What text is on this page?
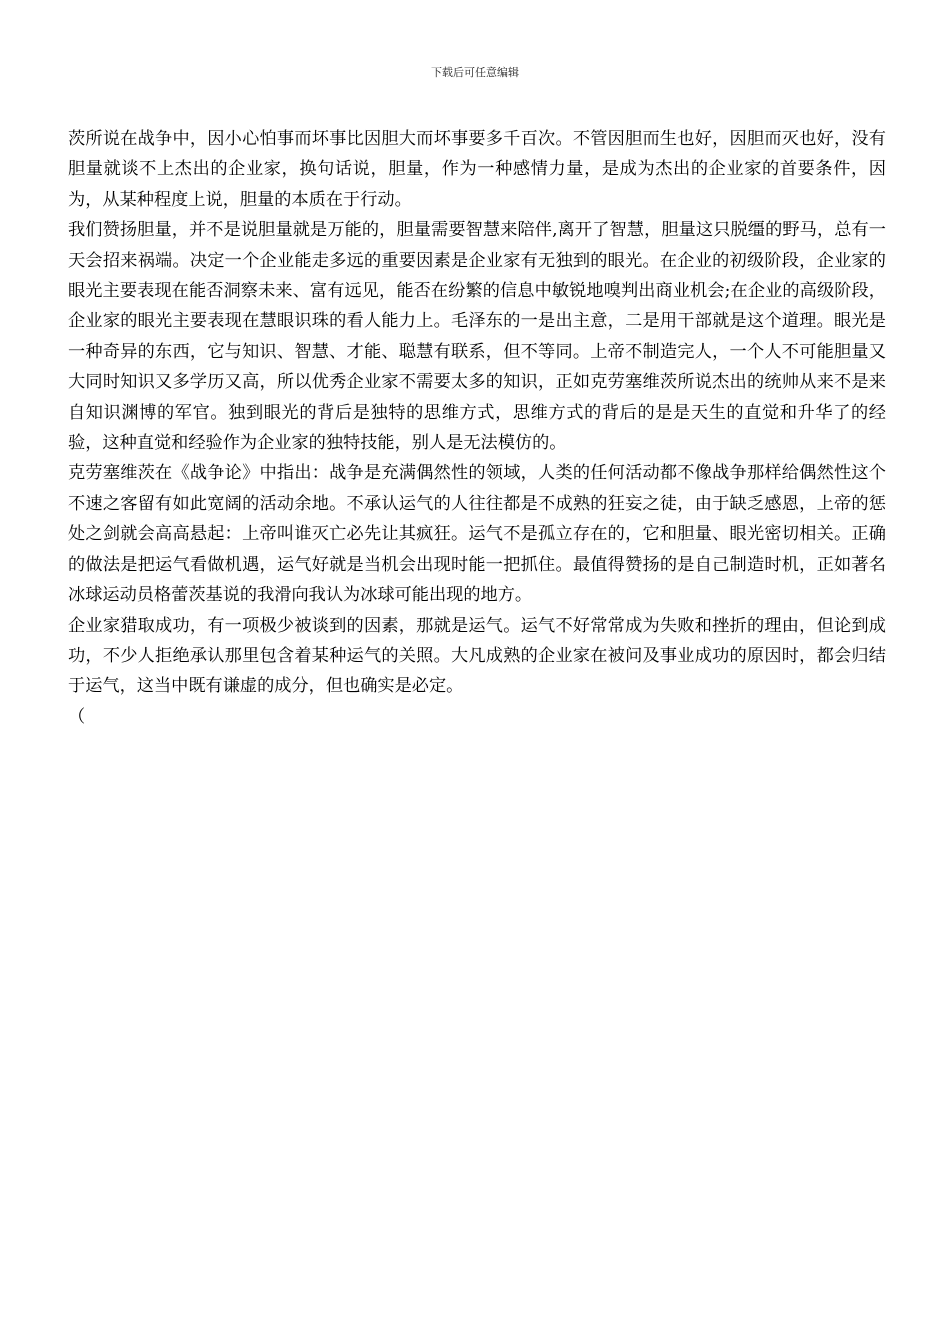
下载后可任意编辑

茨所说在战争中，因小心怕事而坏事比因胆大而坏事要多千百次。不管因胆而生也好，因胆而灭也好，没有胆量就谈不上杰出的企业家，换句话说，胆量，作为一种感情力量，是成为杰出的企业家的首要条件，因为，从某种程度上说，胆量的本质在于行动。

我们赞扬胆量，并不是说胆量就是万能的，胆量需要智慧来陪伴,离开了智慧，胆量这只脱缰的野马，总有一天会招来祸端。决定一个企业能走多远的重要因素是企业家有无独到的眼光。在企业的初级阶段，企业家的眼光主要表现在能否洞察未来、富有远见，能否在纷繁的信息中敏锐地嗅判出商业机会;在企业的高级阶段，企业家的眼光主要表现在慧眼识珠的看人能力上。毛泽东的一是出主意，二是用干部就是这个道理。眼光是一种奇异的东西，它与知识、智慧、才能、聪慧有联系，但不等同。上帝不制造完人，一个人不可能胆量又大同时知识又多学历又高，所以优秀企业家不需要太多的知识，正如克劳塞维茨所说杰出的统帅从来不是来自知识渊博的军官。独到眼光的背后是独特的思维方式，思维方式的背后的是是天生的直觉和升华了的经验，这种直觉和经验作为企业家的独特技能，别人是无法模仿的。

克劳塞维茨在《战争论》中指出：战争是充满偶然性的领域，人类的任何活动都不像战争那样给偶然性这个不速之客留有如此宽阔的活动余地。不承认运气的人往往都是不成熟的狂妄之徒，由于缺乏感恩，上帝的惩处之剑就会高高悬起：上帝叫谁灭亡必先让其疯狂。运气不是孤立存在的，它和胆量、眼光密切相关。正确的做法是把运气看做机遇，运气好就是当机会出现时能一把抓住。最值得赞扬的是自己制造时机，正如著名冰球运动员格蕾茨基说的我滑向我认为冰球可能出现的地方。

企业家猎取成功，有一项极少被谈到的因素，那就是运气。运气不好常常成为失败和挫折的理由，但论到成功，不少人拒绝承认那里包含着某种运气的关照。大凡成熟的企业家在被问及事业成功的原因时，都会归结于运气，这当中既有谦虚的成分，但也确实是必定。

（
